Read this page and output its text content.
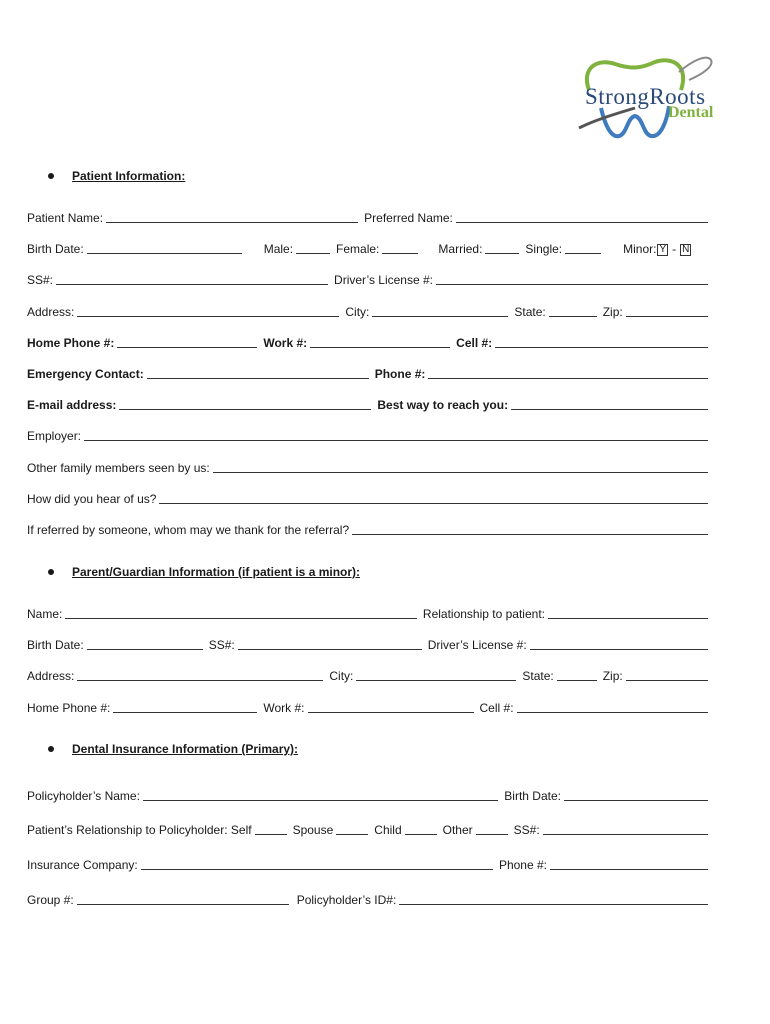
StrongRoots
Dental
Patient Information:
Patient Name:	Preferred Name:
Birth Date:	Male:	Female:	Married:	Single:	Minor: Y - N
SS#:	Driver’s License #:
Address:	City:	State:	Zip:
Home Phone #:	Work #:	Cell #:
Emergency Contact:	Phone #:
E-mail address:	Best way to reach you:
Employer:
Other family members seen by us:
How did you hear of us?
If referred by someone, whom may we thank for the referral?
Parent/Guardian Information (if patient is a minor):
Name:	Relationship to patient:
Birth Date:	SS#:	Driver’s License #:
Address:	City:	State:	Zip:
Home Phone #:	Work #:	Cell #:
Dental Insurance Information (Primary):
Policyholder’s Name:	Birth Date:
Patient’s Relationship to Policyholder: Self	Spouse	Child	Other	SS#:
Insurance Company:	Phone #:
Group #:	Policyholder’s ID#:
